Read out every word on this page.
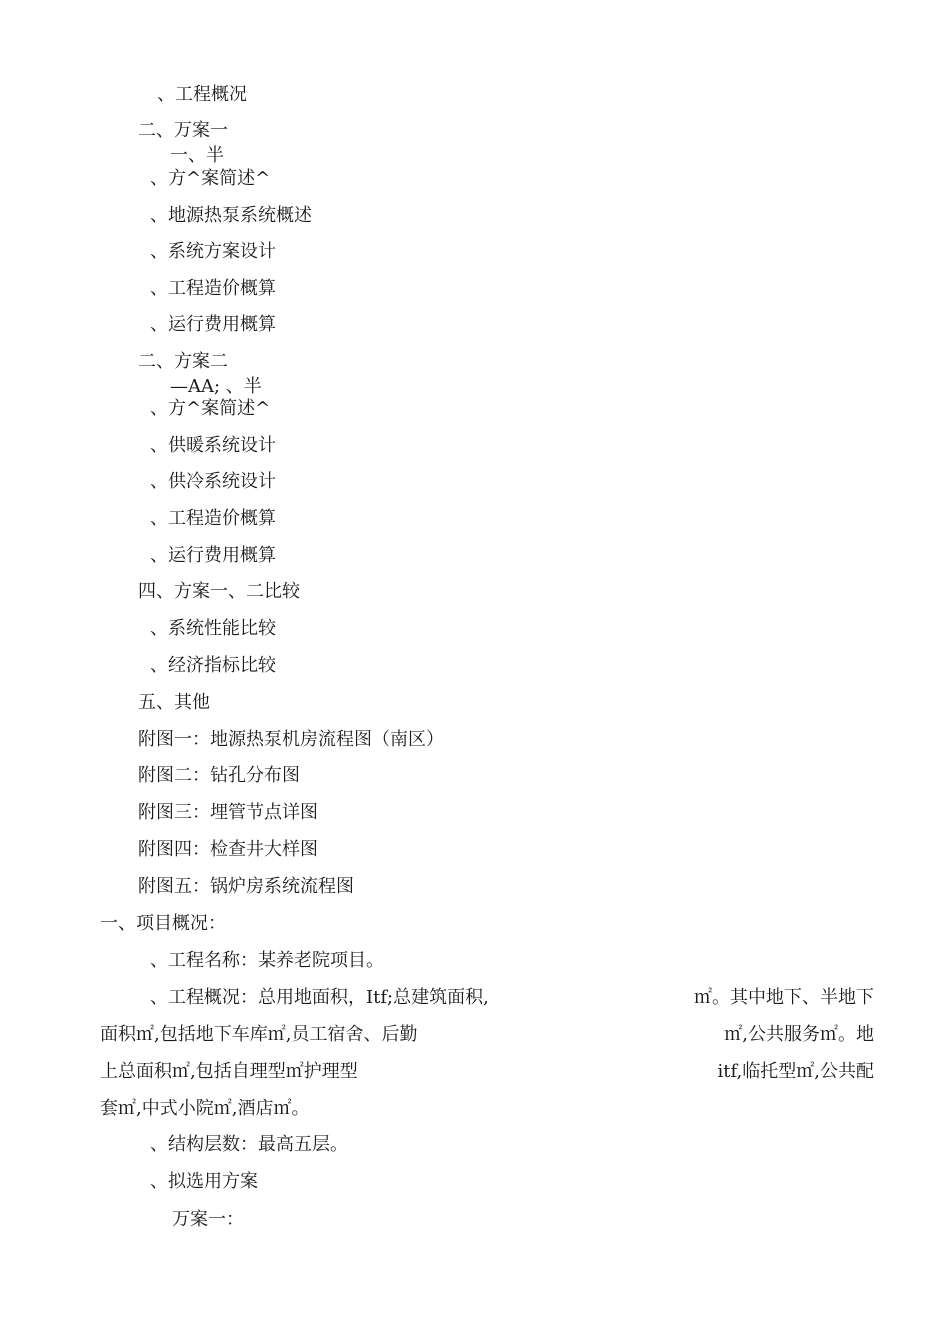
、工程概况
二、万案一
一、半
、方^案简述^
、地源热泵系统概述
、系统方案设计
、工程造价概算
、运行费用概算
二、方案二
—AA; 、半
、方^案简述^
、供暖系统设计
、供冷系统设计
、工程造价概算
、运行费用概算
四、方案一、二比较
、系统性能比较
、经济指标比较
五、其他
附图一：地源热泵机房流程图（南区）
附图二：钻孔分布图
附图三：埋管节点详图
附图四：检查井大样图
附图五：锅炉房系统流程图
一、项目概况：
、工程名称：某养老院项目。
、工程概况：总用地面积，Itf;总建筑面积,	㎡。其中地下、半地下
面积㎡,包括地下车库㎡,员工宿舍、后勤	㎡,公共服务㎡。地
上总面积㎡,包括自理型㎡护理型	itf,临托型㎡,公共配
套㎡,中式小院㎡,酒店㎡。
、结构层数：最高五层。
、拟选用方案
万案一：
